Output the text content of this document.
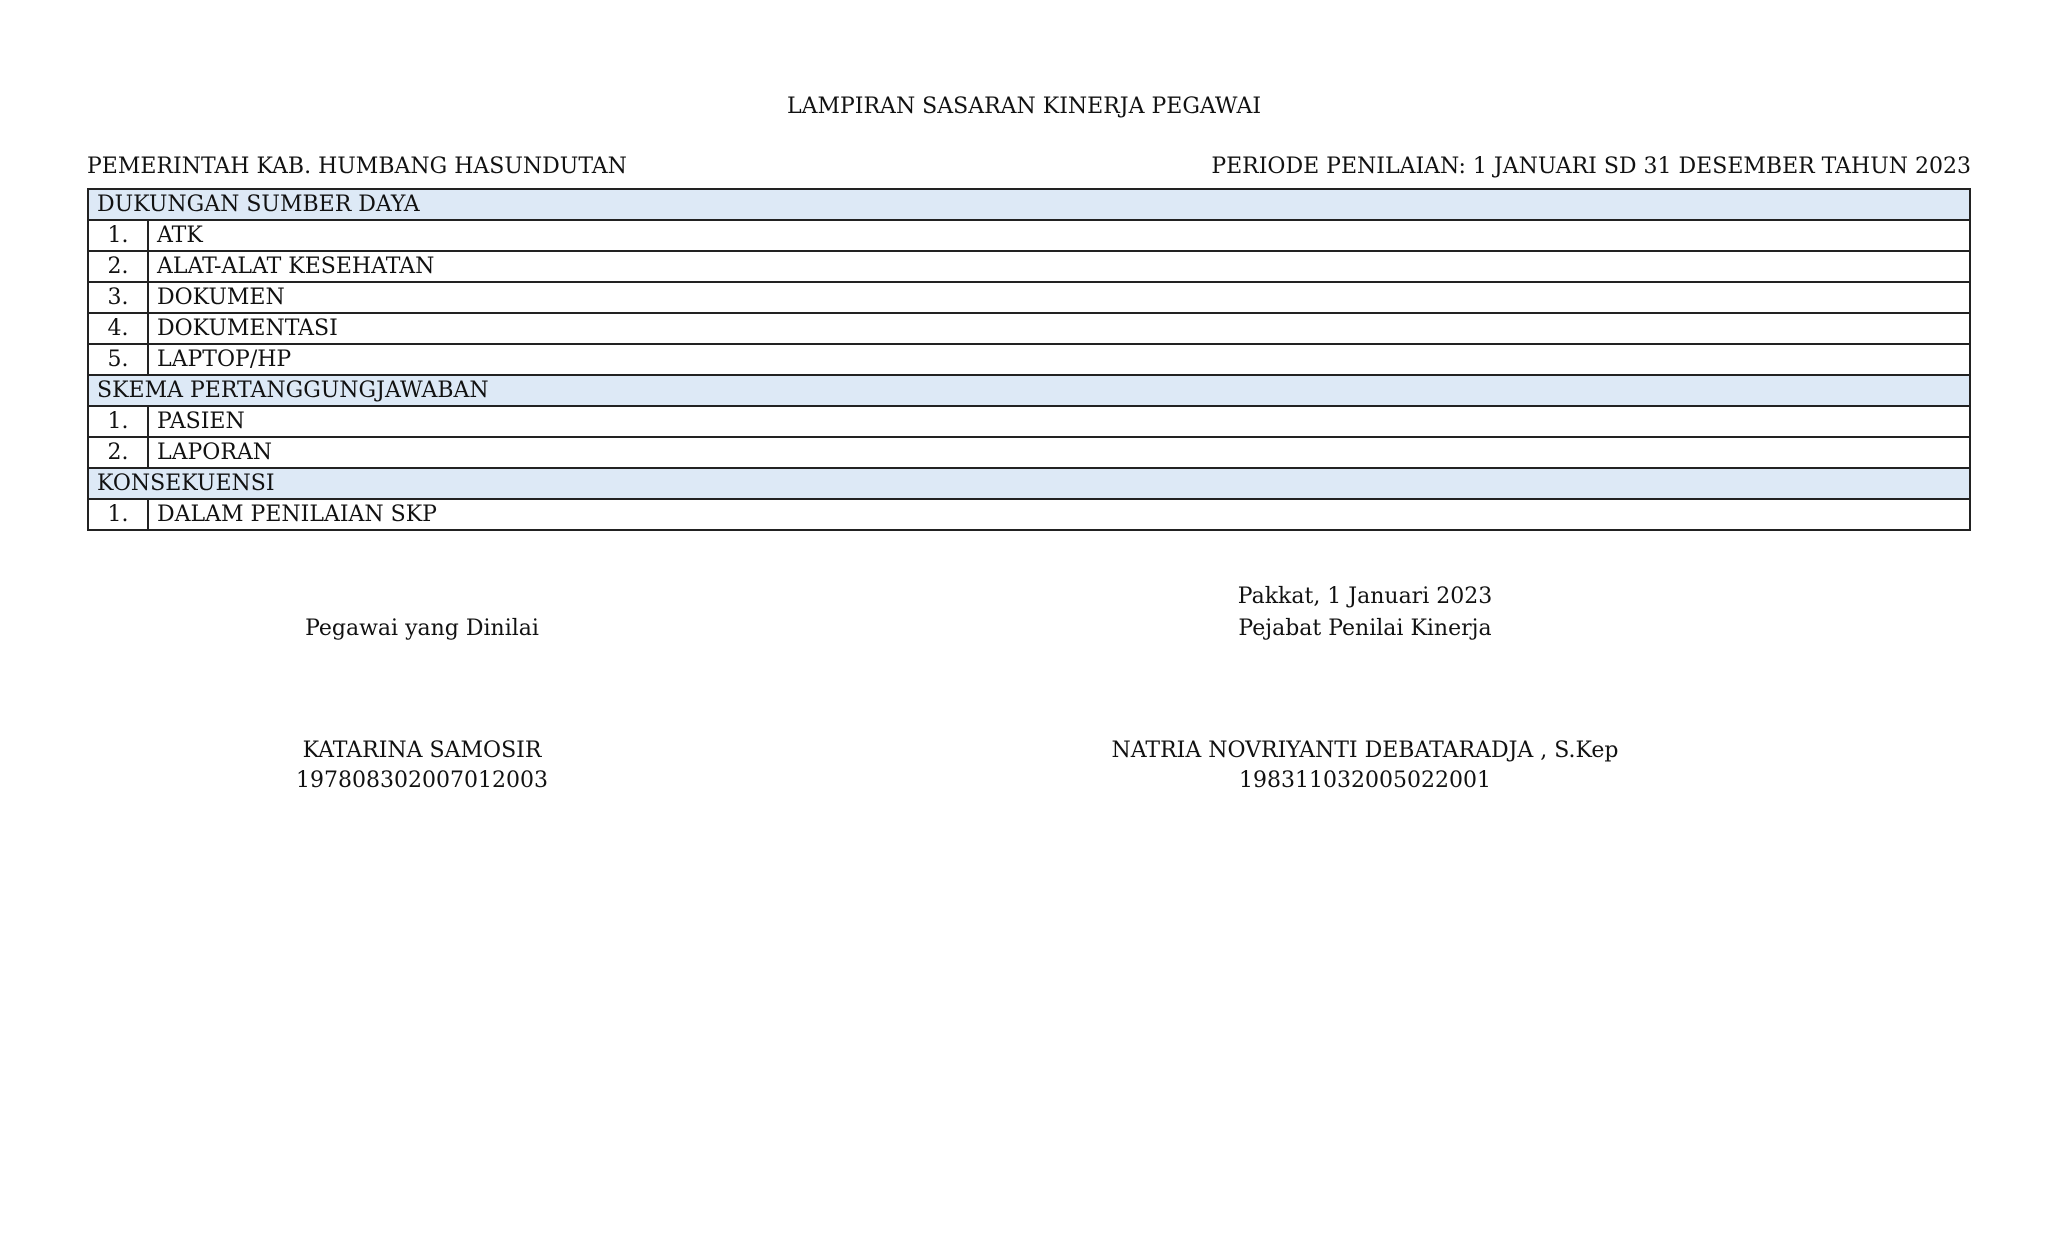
LAMPIRAN SASARAN KINERJA PEGAWAI
PEMERINTAH KAB. HUMBANG HASUNDUTAN	PERIODE PENILAIAN: 1 JANUARI SD 31 DESEMBER TAHUN 2023
DUKUNGAN SUMBER DAYA	
1.	ATK
2.	ALAT-ALAT KESEHATAN
3.	DOKUMEN
4.	DOKUMENTASI
5.	LAPTOP/HP
SKEMA PERTANGGUNGJAWABAN	
1.	PASIEN
2.	LAPORAN
KONSEKUENSI	
1.	DALAM PENILAIAN SKP
Pakkat, 1 Januari 2023
Pegawai yang Dinilai	Pejabat Penilai Kinerja
KATARINA SAMOSIR	NATRIA NOVRIYANTI DEBATARADJA , S.Kep
197808302007012003	198311032005022001
